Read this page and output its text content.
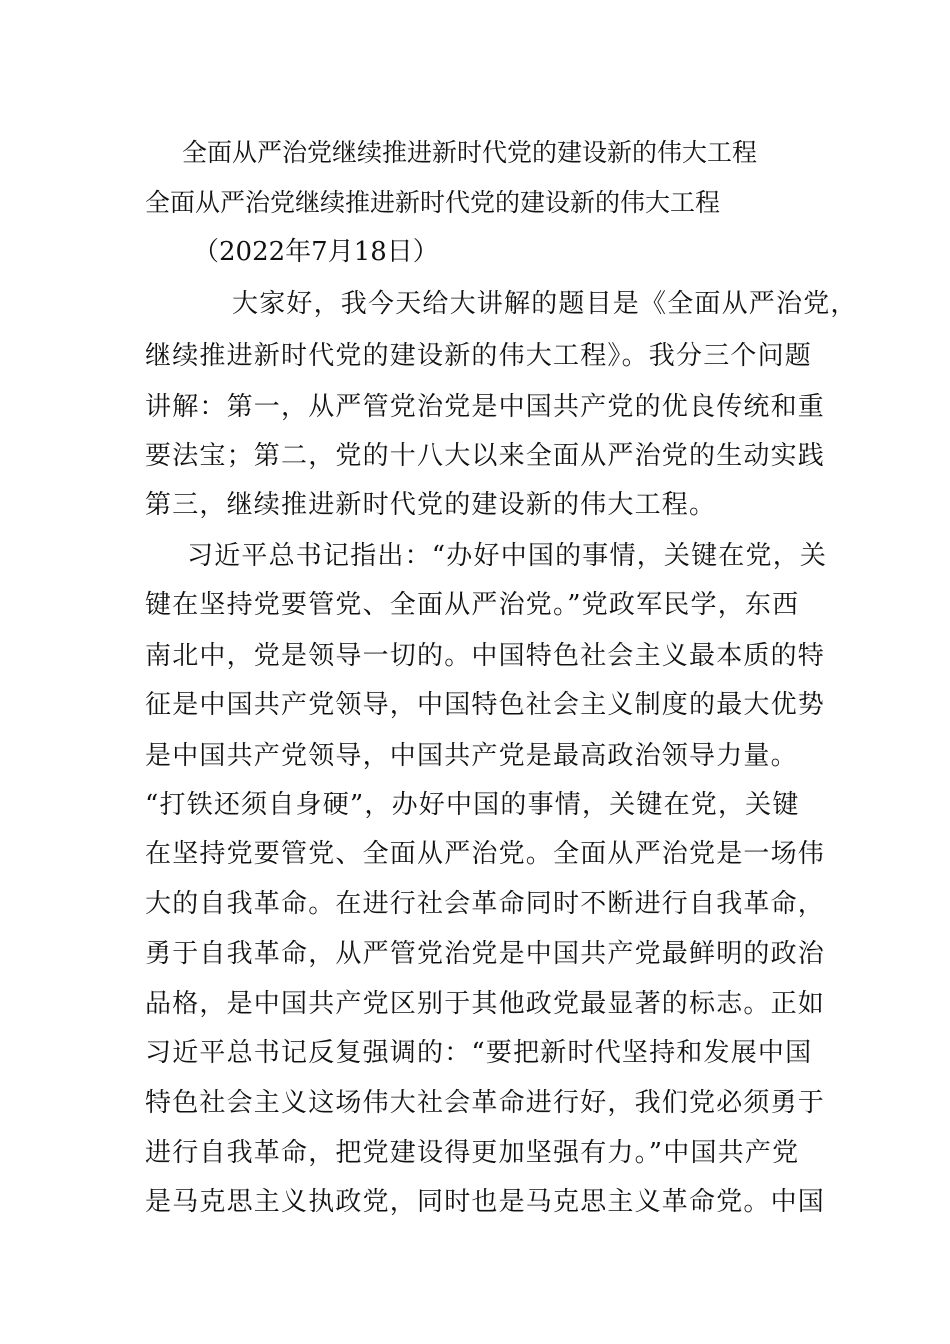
全面从严治党继续推进新时代党的建设新的伟大工程

全面从严治党继续推进新时代党的建设新的伟大工程

（2022年7月18日）

大家好，我今天给大讲解的题目是《全面从严治党，

继续推进新时代党的建设新的伟大工程》。我分三个问题

讲解：第一，从严管党治党是中国共产党的优良传统和重

要法宝；第二，党的十八大以来全面从严治党的生动实践

第三，继续推进新时代党的建设新的伟大工程。

习近平总书记指出：“办好中国的事情，关键在党，关

键在坚持党要管党、全面从严治党。”党政军民学，东西

南北中，党是领导一切的。中国特色社会主义最本质的特

征是中国共产党领导，中国特色社会主义制度的最大优势

是中国共产党领导，中国共产党是最高政治领导力量。

“打铁还须自身硬”，办好中国的事情，关键在党，关键

在坚持党要管党、全面从严治党。全面从严治党是一场伟

大的自我革命。在进行社会革命同时不断进行自我革命，

勇于自我革命，从严管党治党是中国共产党最鲜明的政治

品格，是中国共产党区别于其他政党最显著的标志。正如

习近平总书记反复强调的：“要把新时代坚持和发展中国

特色社会主义这场伟大社会革命进行好，我们党必须勇于

进行自我革命，把党建设得更加坚强有力。”中国共产党

是马克思主义执政党，同时也是马克思主义革命党。中国
